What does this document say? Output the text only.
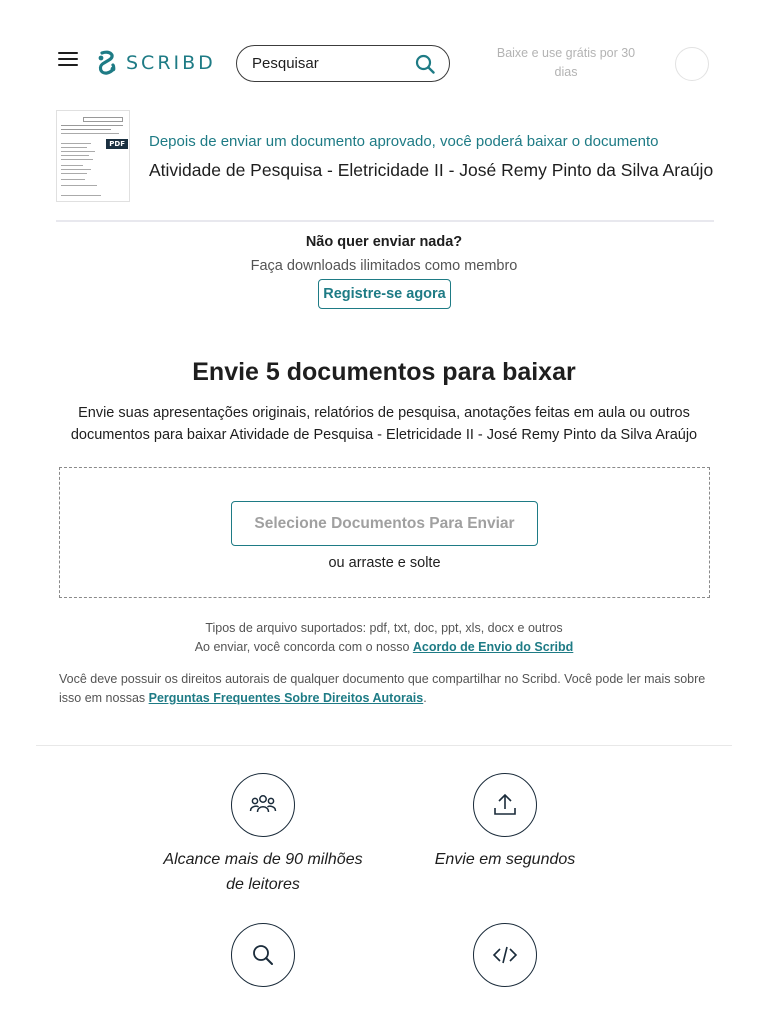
SCRIBD
Pesquisar	Baixe e use grátis por 30 dias
PDF Depois de enviar um documento aprovado, você poderá baixar o documento
Atividade de Pesquisa - Eletricidade II - José Remy Pinto da Silva Araújo
Não quer enviar nada?
Faça downloads ilimitados como membro
Registre-se agora
Envie 5 documentos para baixar
Envie suas apresentações originais, relatórios de pesquisa, anotações feitas em aula ou outros documentos para baixar Atividade de Pesquisa - Eletricidade II - José Remy Pinto da Silva Araújo
Selecione Documentos Para Enviar
ou arraste e solte
Tipos de arquivo suportados: pdf, txt, doc, ppt, xls, docx e outros
Ao enviar, você concorda com o nosso Acordo de Envio do Scribd
Você deve possuir os direitos autorais de qualquer documento que compartilhar no Scribd. Você pode ler mais sobre isso em nossas Perguntas Frequentes Sobre Direitos Autorais.
Alcance mais de 90 milhões de leitores
Envie em segundos
